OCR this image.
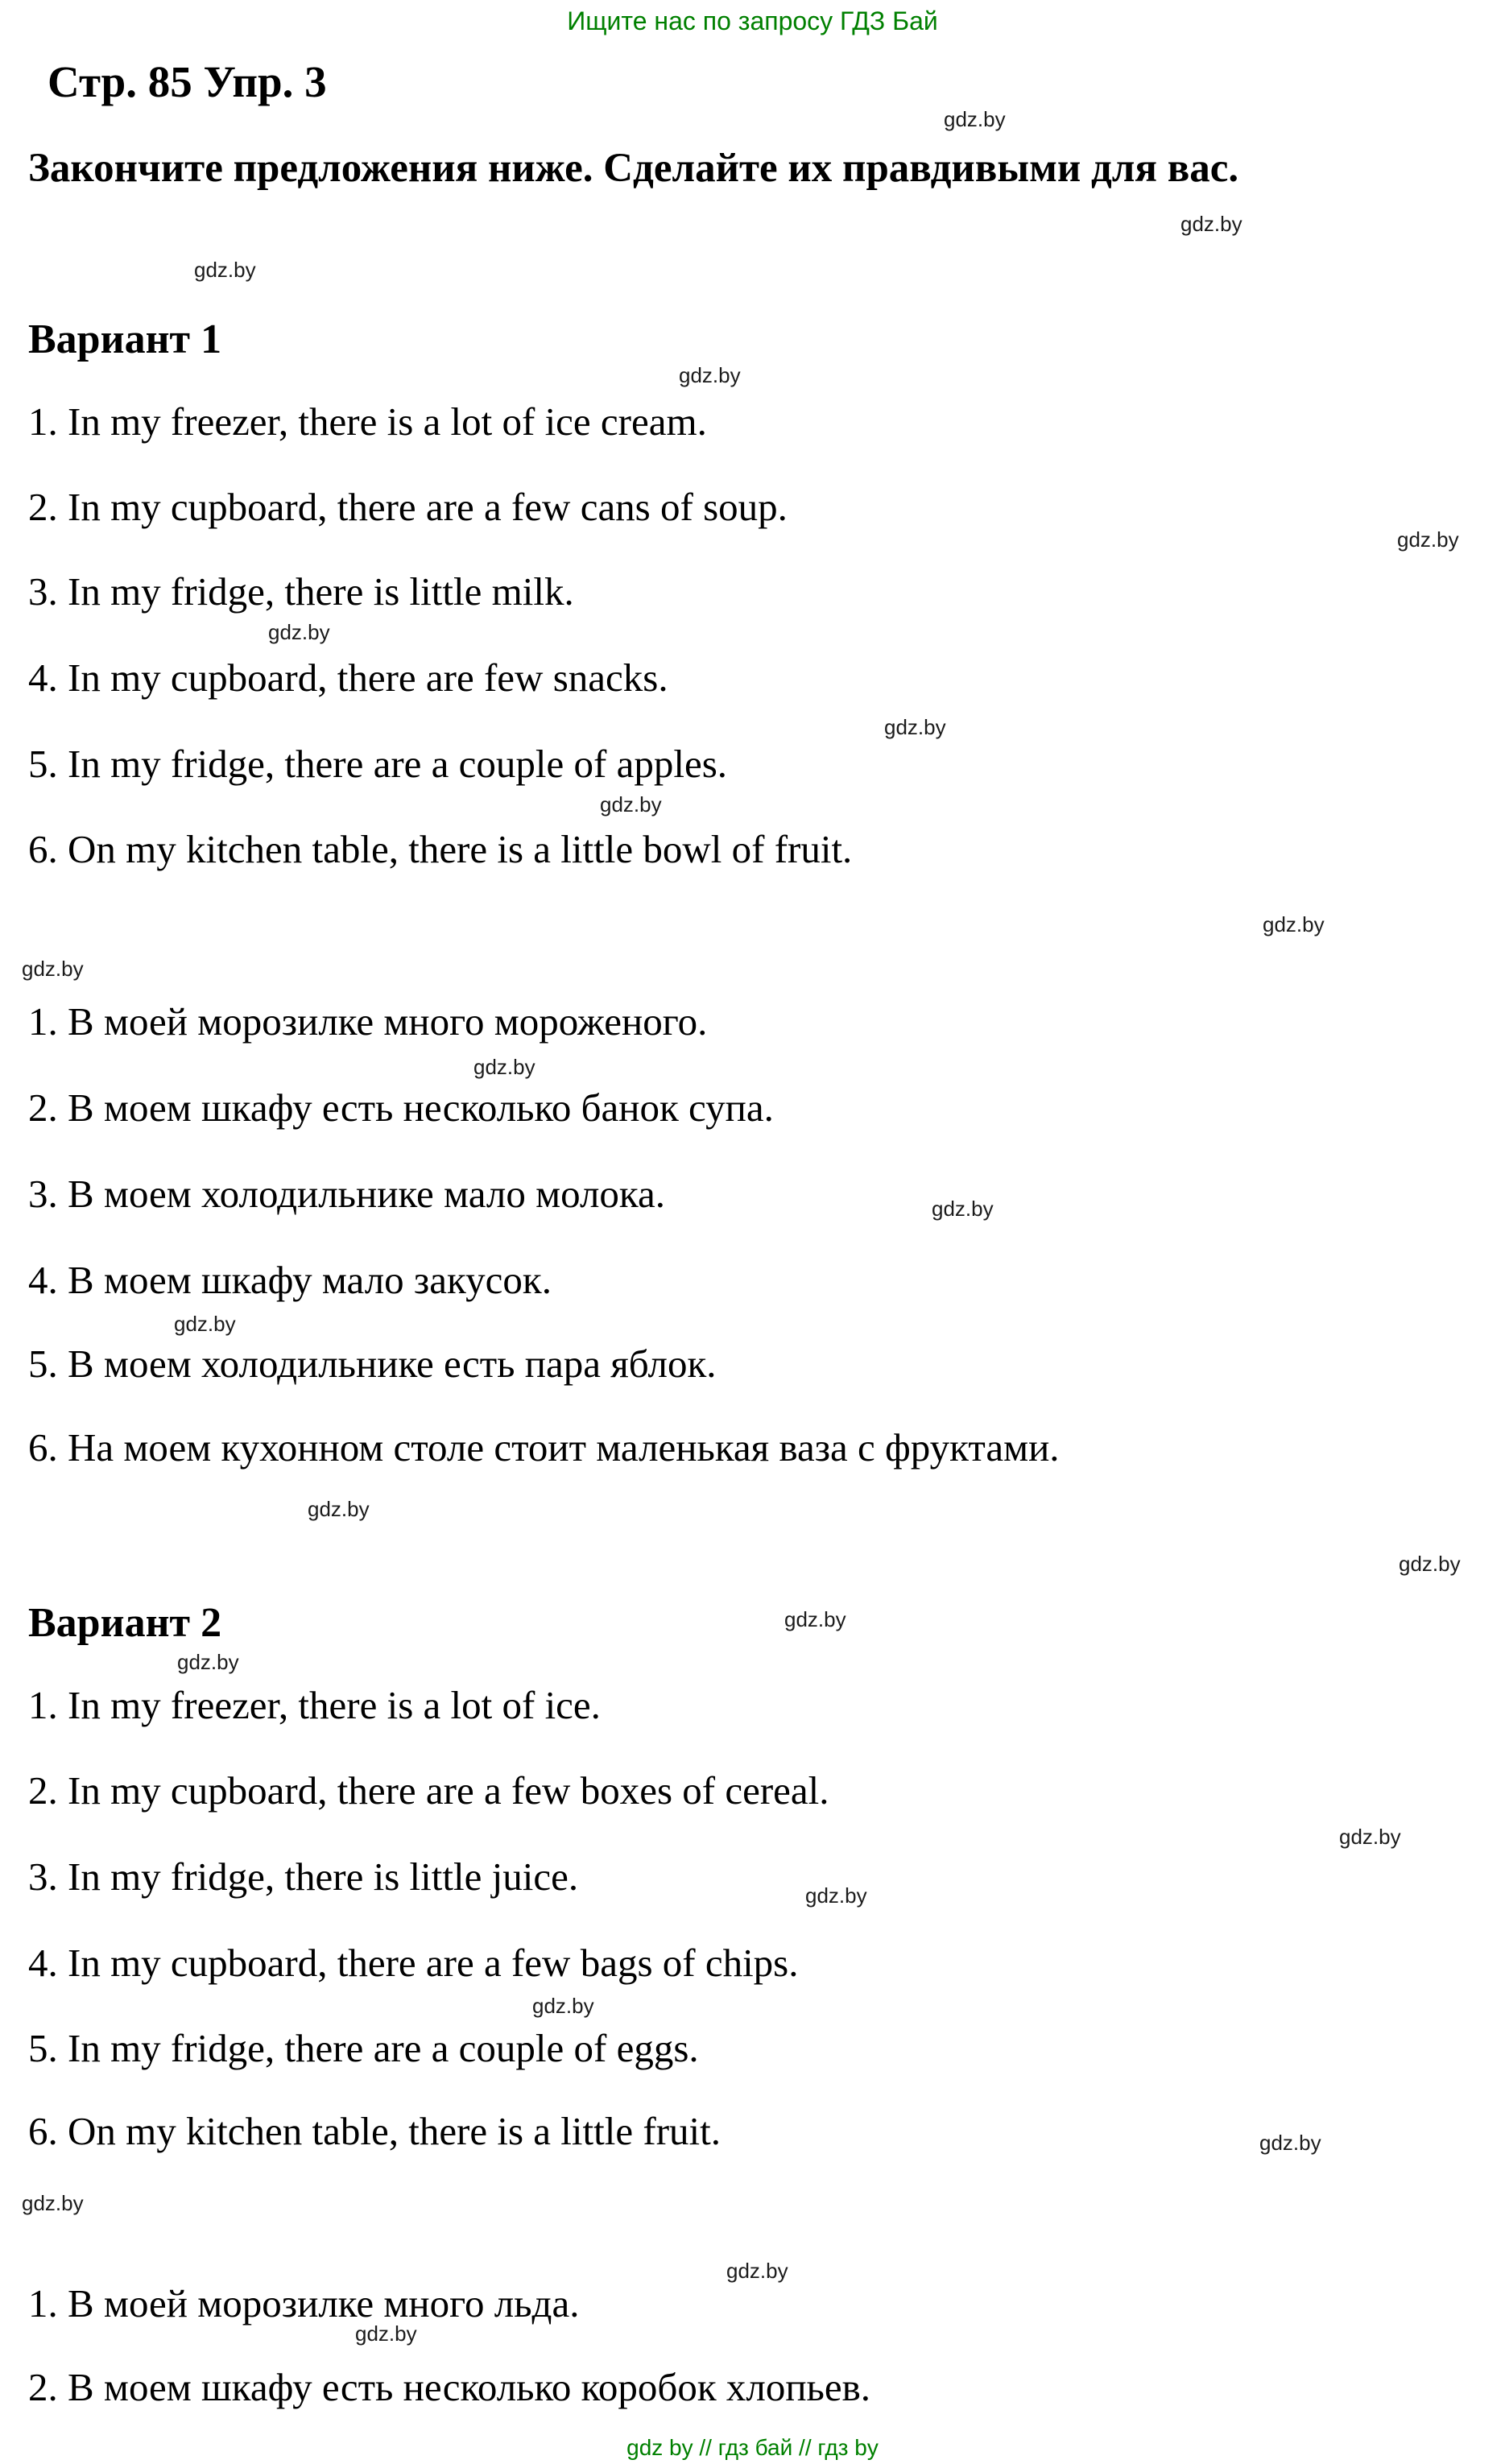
Ищите нас по запросу ГДЗ Бай
Стр. 85 Упр. 3
Закончите предложения ниже. Сделайте их правдивыми для вас.
Вариант 1
1. In my freezer, there is a lot of ice cream.
2. In my cupboard, there are a few cans of soup.
3. In my fridge, there is little milk.
4. In my cupboard, there are few snacks.
5. In my fridge, there are a couple of apples.
6. On my kitchen table, there is a little bowl of fruit.
1. В моей морозилке много мороженого.
2. В моем шкафу есть несколько банок супа.
3. В моем холодильнике мало молока.
4. В моем шкафу мало закусок.
5. В моем холодильнике есть пара яблок.
6. На моем кухонном столе стоит маленькая ваза с фруктами.
Вариант 2
1. In my freezer, there is a lot of ice.
2. In my cupboard, there are a few boxes of cereal.
3. In my fridge, there is little juice.
4. In my cupboard, there are a few bags of chips.
5. In my fridge, there are a couple of eggs.
6. On my kitchen table, there is a little fruit.
1. В моей морозилке много льда.
2. В моем шкафу есть несколько коробок хлопьев.
gdz by // гдз бай // гдз by
gdz.by
gdz.by
gdz.by
gdz.by
gdz.by
gdz.by
gdz.by
gdz.by
gdz.by
gdz.by
gdz.by
gdz.by
gdz.by
gdz.by
gdz.by
gdz.by
gdz.by
gdz.by
gdz.by
gdz.by
gdz.by
gdz.by
gdz.by
gdz.by
